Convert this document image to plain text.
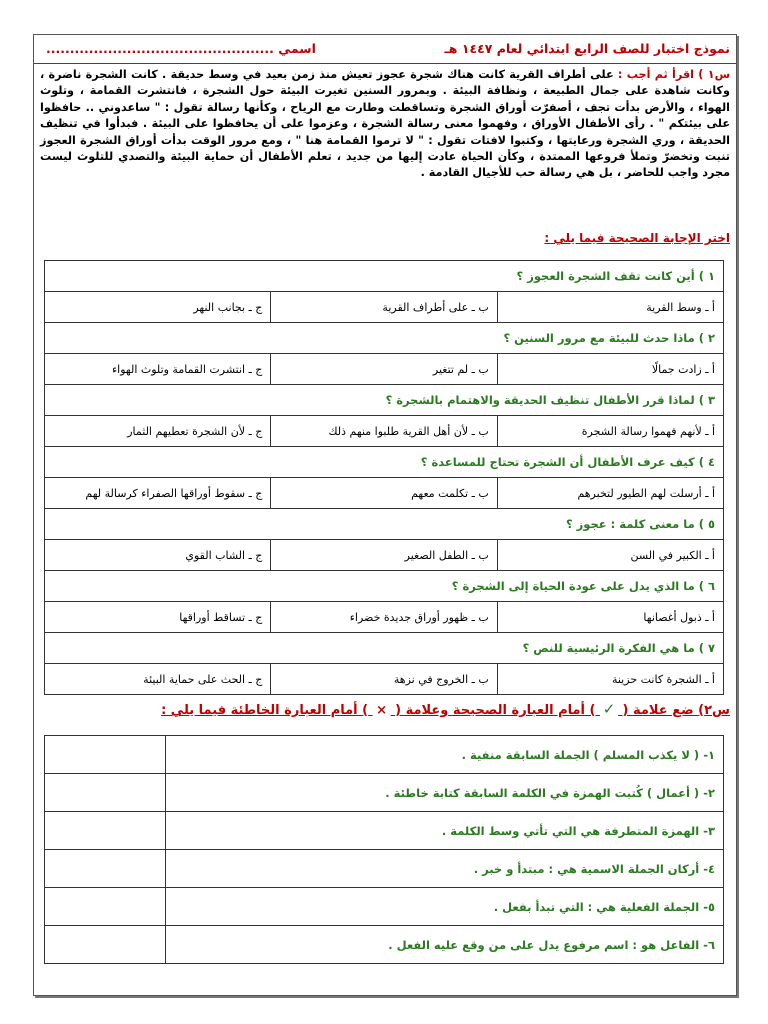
نموذج اختبار للصف الرابع ابتدائي لعام ١٤٤٧ هـ
اسمي ................................................
س١ ) اقرأ ثم أجب : على أطراف القرية كانت هناك شجرة عجوز تعيش منذ زمن بعيد في وسط حديقة . كانت الشجرة ناضرة ، وكانت شاهدة على جمال الطبيعة ، ونظافة البيئة . وبمرور السنين تغيرت البيئة حول الشجرة ، فانتشرت القمامة ، وتلوث الهواء ، والأرض بدأت تجف ، أصفرّت أوراق الشجرة وتساقطت وطارت مع الرياح ، وكأنها رسالة تقول : " ساعدوني .. حافظوا على بيئتكم " . رأى الأطفال الأوراق ، وفهموا معنى رسالة الشجرة ، وعزموا على أن يحافظوا على البيئة . فبدأوا في تنظيف الحديقة ، وري الشجرة ورعايتها ، وكتبوا لافتات تقول : " لا ترموا القمامة هنا " ، ومع مرور الوقت بدأت أوراق الشجرة العجوز تنبت وتخضرّ وتملأ فروعها الممتدة ، وكأن الحياة عادت إليها من جديد ، تعلم الأطفال أن حماية البيئة والتصدي للتلوث ليست مجرد واجب للحاضر ، بل هي رسالة حب للأجيال القادمة .
اختر الإجابة الصحيحة فيما يلي :
١ ) أين كانت تقف الشجرة العجوز ؟		
أ ـ وسط القرية	ب ـ على أطراف القرية	ج ـ بجانب النهر
٢ ) ماذا حدث للبيئة مع مرور السنين ؟		
أ ـ زادت جمالًا	ب ـ لم تتغير	ج ـ انتشرت القمامة وتلوث الهواء
٣ ) لماذا قرر الأطفال تنظيف الحديقة والاهتمام بالشجرة ؟		
أ ـ لأنهم فهموا رسالة الشجرة	ب ـ لأن أهل القرية طلبوا منهم ذلك	ج ـ لأن الشجرة تعطيهم الثمار
٤ ) كيف عرف الأطفال أن الشجرة تحتاج للمساعدة ؟		
أ ـ أرسلت لهم الطيور لتخبرهم	ب ـ تكلمت معهم	ج ـ سقوط أوراقها الصفراء كرسالة لهم
٥ ) ما معنى كلمة : عجوز ؟		
أ ـ الكبير في السن	ب ـ الطفل الصغير	ج ـ الشاب القوي
٦ ) ما الذي يدل على عودة الحياة إلى الشجرة ؟		
أ ـ ذبول أغصانها	ب ـ ظهور أوراق جديدة خضراء	ج ـ تساقط أوراقها
٧ ) ما هي الفكرة الرئيسية للنص ؟		
أ ـ الشجرة كانت حزينة	ب ـ الخروج في نزهة	ج ـ الحث على حماية البيئة
س٢) ضع علامة ( ✓ ) أمام العبارة الصحيحة وعلامة ( × ) أمام العبارة الخاطئة فيما يلي :
١- ( لا يكذب المسلم ) الجملة السابقة منفية .	
٢- ( أعمال ) كُتبت الهمزة في الكلمة السابقة كتابة خاطئة .	
٣- الهمزة المتطرفة هي التي تأتي وسط الكلمة .	
٤- أركان الجملة الاسمية هي : مبتدأ و خبر .	
٥- الجملة الفعلية هي : التي تبدأ بفعل .	
٦- الفاعل هو : اسم مرفوع يدل على من وقع عليه الفعل .	
